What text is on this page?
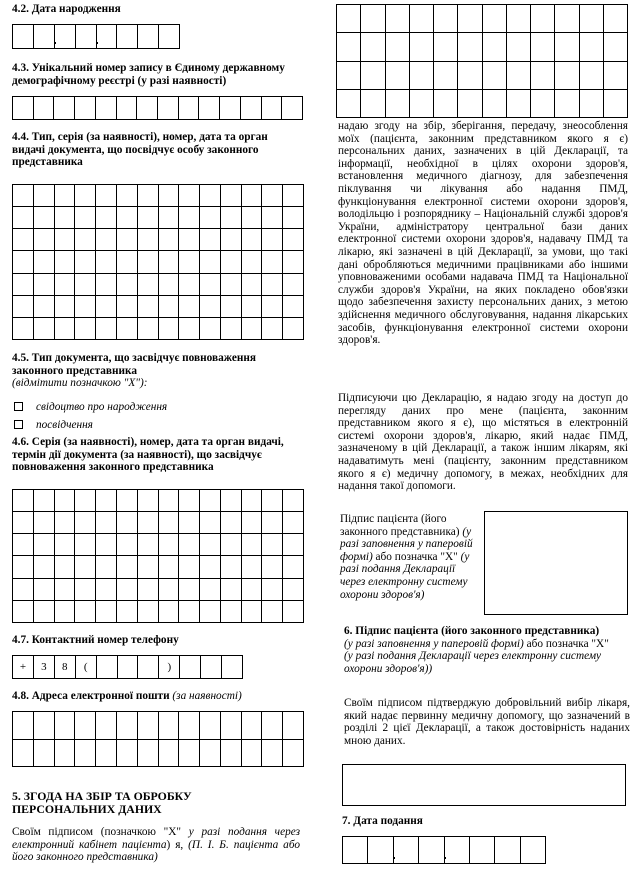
4.2. Дата народження
4.3. Унікальний номер запису в Єдиному державному демографічному реєстрі (у разі наявності)
4.4. Тип, серія (за наявності), номер, дата та орган видачі документа, що посвідчує особу законного представника
4.5. Тип документа, що засвідчує повноваження законного представника
(відмітити позначкою "Х"):
свідоцтво про народження
посвідчення
4.6. Серія (за наявності), номер, дата та орган видачі, термін дії документа (за наявності), що засвідчує повноваження законного представника
4.7. Контактний номер телефону
+	3	8	(	)
4.8. Адреса електронної пошти (за наявності)
5. ЗГОДА НА ЗБІР ТА ОБРОБКУ
ПЕРСОНАЛЬНИХ ДАНИХ
Своїм підписом (позначкою "Х" у разі подання через електронний кабінет пацієнта) я, (П. І. Б. пацієнта або його законного представника)
надаю згоду на збір, зберігання, передачу, знеособлення моїх (пацієнта, законним представником якого я є) персональних даних, зазначених в цій Декларації, та інформації, необхідної в цілях охорони здоров'я, встановлення медичного діагнозу, для забезпечення піклування чи лікування або надання ПМД, функціонування електронної системи охорони здоров'я, володільцю і розпоряднику – Національній службі здоров'я України, адміністратору центральної бази даних електронної системи охорони здоров'я, надавачу ПМД та лікарю, які зазначені в цій Декларації, за умови, що такі дані обробляються медичними працівниками або іншими уповноваженими особами надавача ПМД та Національної служби здоров'я України, на яких покладено обов'язки щодо забезпечення захисту персональних даних, з метою здійснення медичного обслуговування, надання лікарських засобів, функціонування електронної системи охорони здоров'я.
Підписуючи цю Декларацію, я надаю згоду на доступ до перегляду даних про мене (пацієнта, законним представником якого я є), що містяться в електронній системі охорони здоров'я, лікарю, який надає ПМД, зазначеному в цій Декларації, а також іншим лікарям, які надаватимуть мені (пацієнту, законним представником якого я є) медичну допомогу, в межах, необхідних для надання такої допомоги.
Підпис пацієнта (його законного представника) (у разі заповнення у паперовій формі) або позначка "Х" (у разі подання Декларації через електронну систему охорони здоров'я)
6. Підпис пацієнта (його законного представника)
(у разі заповнення у паперовій формі) або позначка "Х"
(у разі подання Декларації через електронну систему охорони здоров'я))
Своїм підписом підтверджую добровільний вибір лікаря, який надає первинну медичну допомогу, що зазначений в розділі 2 цієї Декларації, а також достовірність наданих мною даних.
7. Дата подання
